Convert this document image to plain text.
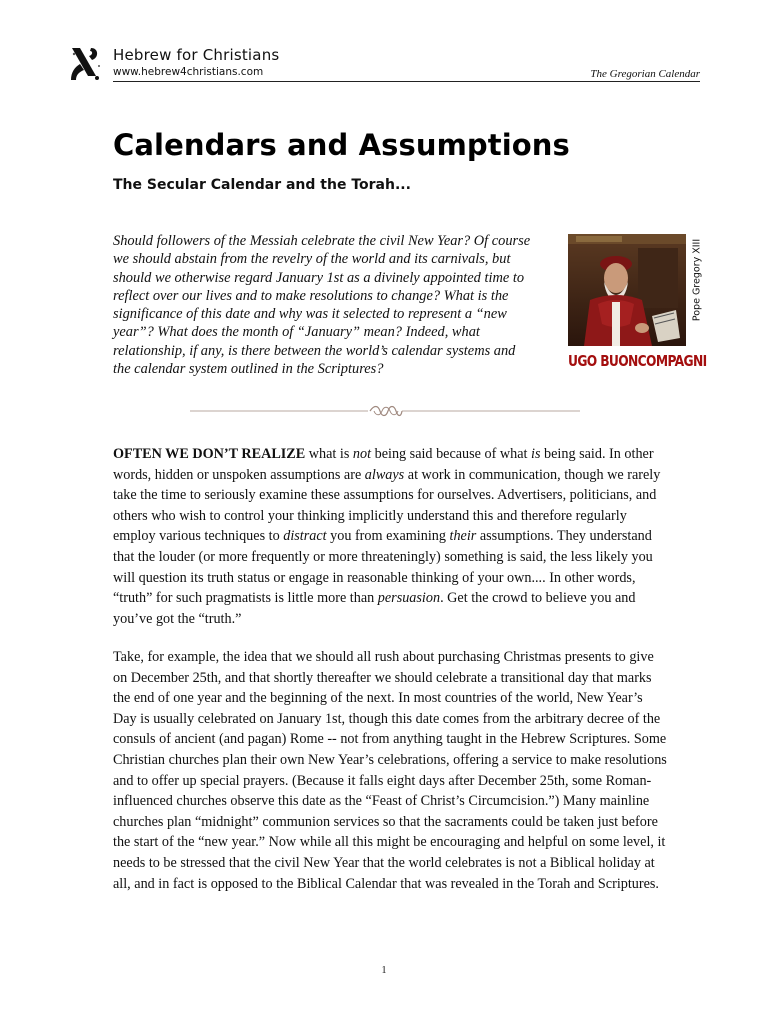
Hebrew for Christians
www.hebrew4christians.com	The Gregorian Calendar
Calendars and Assumptions
The Secular Calendar and the Torah...

Should followers of the Messiah celebrate the civil New Year? Of course we should abstain from the revelry of the world and its carnivals, but should we otherwise regard January 1st as a divinely appointed time to reflect over our lives and to make resolutions to change? What is the significance of this date and why was it selected to represent a “new year”? What does the month of “January” mean? Indeed, what relationship, if any, is there between the world’s calendar systems and the calendar system outlined in the Scriptures?

Pope Gregory XIII
UGO BUONCOMPAGNI

OFTEN WE DON’T REALIZE what is not being said because of what is being said. In other words, hidden or unspoken assumptions are always at work in communication, though we rarely take the time to seriously examine these assumptions for ourselves. Advertisers, politicians, and others who wish to control your thinking implicitly understand this and therefore regularly employ various techniques to distract you from examining their assumptions. They understand that the louder (or more frequently or more threateningly) something is said, the less likely you will question its truth status or engage in reasonable thinking of your own.... In other words, “truth” for such pragmatists is little more than persuasion. Get the crowd to believe you and you’ve got the “truth.”

Take, for example, the idea that we should all rush about purchasing Christmas presents to give on December 25th, and that shortly thereafter we should celebrate a transitional day that marks the end of one year and the beginning of the next. In most countries of the world, New Year’s Day is usually celebrated on January 1st, though this date comes from the arbitrary decree of the consuls of ancient (and pagan) Rome -- not from anything taught in the Hebrew Scriptures. Some Christian churches plan their own New Year’s celebrations, offering a service to make resolutions and to offer up special prayers. (Because it falls eight days after December 25th, some Roman-influenced churches observe this date as the “Feast of Christ’s Circumcision.”) Many mainline churches plan “midnight” communion services so that the sacraments could be taken just before the start of the “new year.” Now while all this might be encouraging and helpful on some level, it needs to be stressed that the civil New Year that the world celebrates is not a Biblical holiday at all, and in fact is opposed to the Biblical Calendar that was revealed in the Torah and Scriptures.

1
